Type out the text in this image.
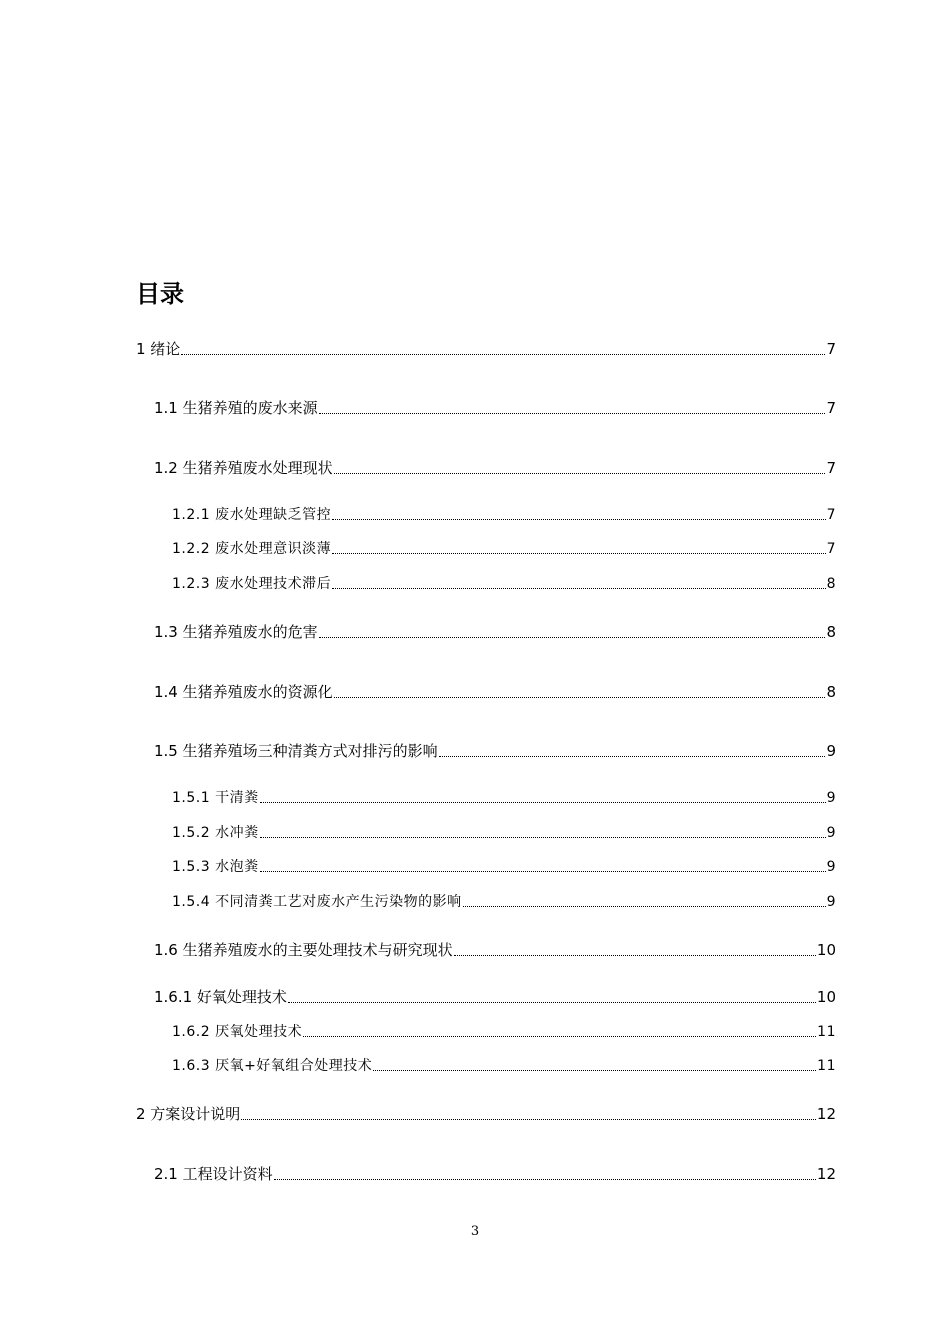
目录
1 绪论	7
1.1 生猪养殖的废水来源	7
1.2 生猪养殖废水处理现状	7
1.2.1 废水处理缺乏管控	7
1.2.2 废水处理意识淡薄	7
1.2.3 废水处理技术滞后	8
1.3 生猪养殖废水的危害	8
1.4 生猪养殖废水的资源化	8
1.5 生猪养殖场三种清粪方式对排污的影响	9
1.5.1 干清粪	9
1.5.2 水冲粪	9
1.5.3 水泡粪	9
1.5.4 不同清粪工艺对废水产生污染物的影响	9
1.6 生猪养殖废水的主要处理技术与研究现状	10
1.6.1 好氧处理技术	10
1.6.2 厌氧处理技术	11
1.6.3 厌氧+好氧组合处理技术	11
2 方案设计说明	12
2.1 工程设计资料	12
3
